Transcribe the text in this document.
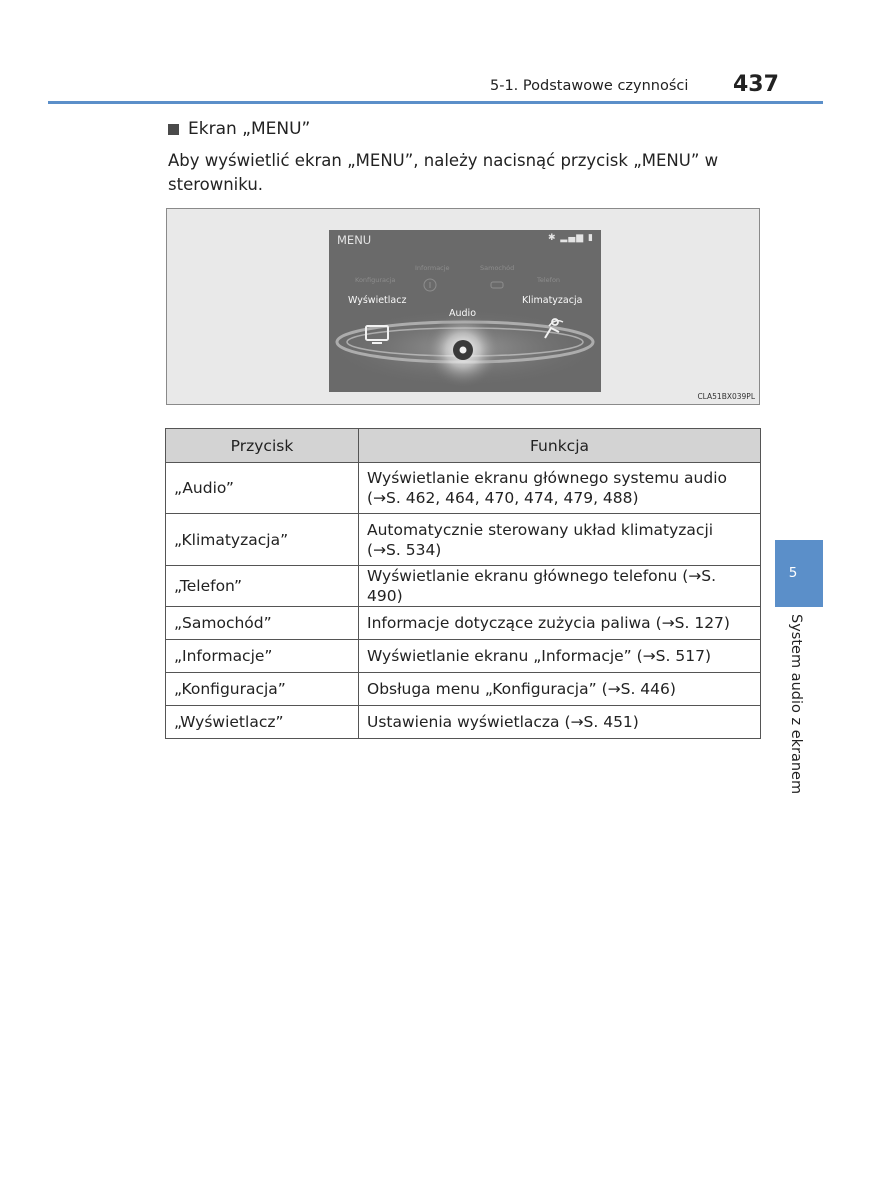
5-1. Podstawowe czynności 437
Ekran „MENU”
Aby wyświetlić ekran „MENU”, należy nacisnąć przycisk „MENU” w sterowniku.
MENU	✱ ▂▄▆ ▮
Konfiguracja
Informacje	Samochód
Telefon
Wyświetlacz
Audio
Klimatyzacja
CLA51BX039PL
Przycisk	Funkcja
„Audio”	Wyświetlanie ekranu głównego systemu audio
(→S. 462, 464, 470, 474, 479, 488)

„Klimatyzacja”	Automatycznie sterowany układ klimatyzacji
(→S. 534)

„Telefon”	Wyświetlanie ekranu głównego telefonu (→S. 490)
„Samochód”	Informacje dotyczące zużycia paliwa (→S. 127)
„Informacje”	Wyświetlanie ekranu „Informacje” (→S. 517)
„Konfiguracja”	Obsługa menu „Konfiguracja” (→S. 446)
„Wyświetlacz”	Ustawienia wyświetlacza (→S. 451)
5
System audio z ekranem
